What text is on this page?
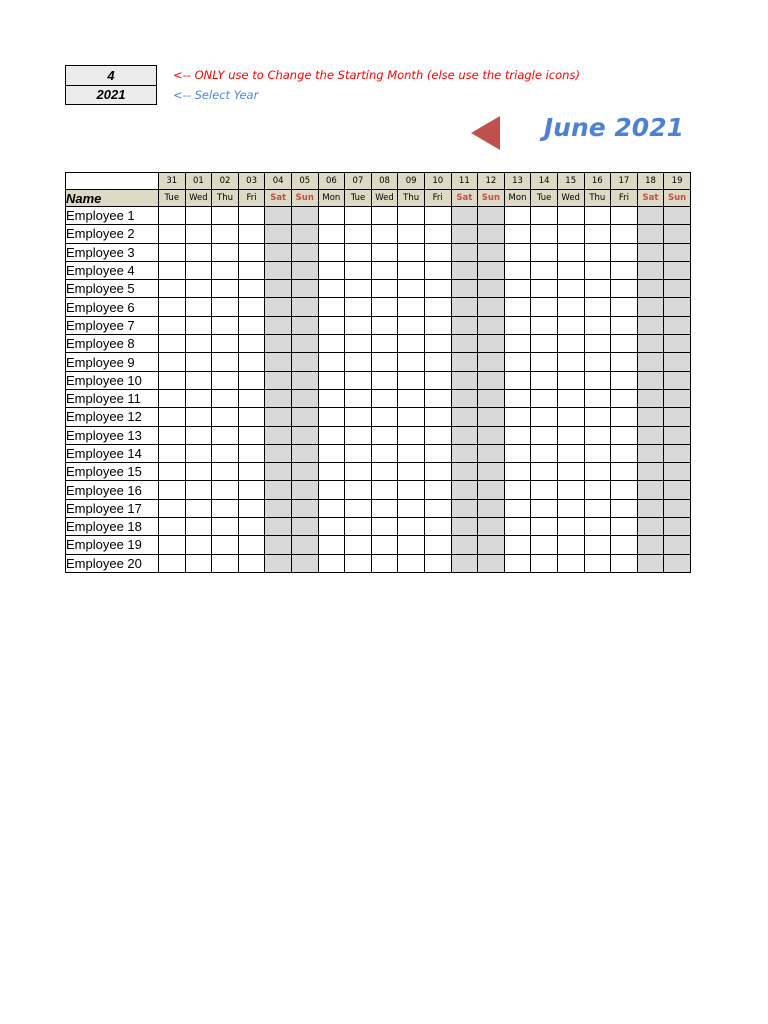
4
2021
<-- ONLY use to Change the Starting Month (else use the triagle icons)
<-- Select Year
June 2021
	31	01	02	03	04	05	06	07	08	09	10	11	12	13	14	15	16	17	18	19
Name	Tue	Wed	Thu	Fri	Sat	Sun	Mon	Tue	Wed	Thu	Fri	Sat	Sun	Mon	Tue	Wed	Thu	Fri	Sat	Sun
Employee 1																				
Employee 2																				
Employee 3																				
Employee 4																				
Employee 5																				
Employee 6																				
Employee 7																				
Employee 8																				
Employee 9																				
Employee 10																				
Employee 11																				
Employee 12																				
Employee 13																				
Employee 14																				
Employee 15																				
Employee 16																				
Employee 17																				
Employee 18																				
Employee 19																				
Employee 20																				
